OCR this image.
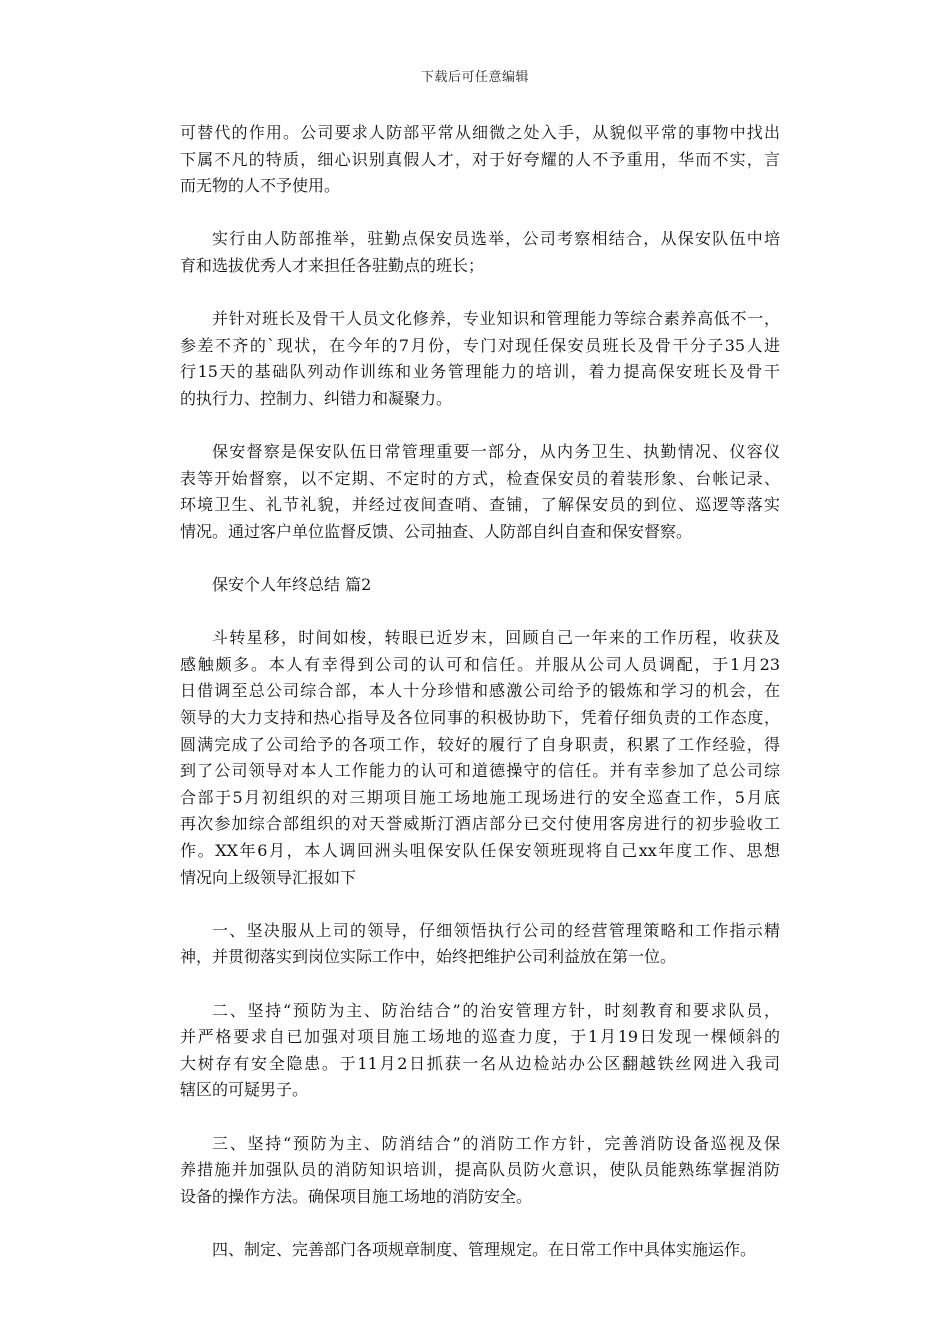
下载后可任意编辑

可替代的作用。公司要求人防部平常从细微之处入手，从貌似平常的事物中找出
下属不凡的特质，细心识别真假人才，对于好夸耀的人不予重用，华而不实，言
而无物的人不予使用。

实行由人防部推举，驻勤点保安员选举，公司考察相结合，从保安队伍中培
育和选拔优秀人才来担任各驻勤点的班长；

并针对班长及骨干人员文化修养，专业知识和管理能力等综合素养高低不一，
参差不齐的`现状，在今年的7月份，专门对现任保安员班长及骨干分子35人进
行15天的基础队列动作训练和业务管理能力的培训，着力提高保安班长及骨干
的执行力、控制力、纠错力和凝聚力。

保安督察是保安队伍日常管理重要一部分，从内务卫生、执勤情况、仪容仪
表等开始督察，以不定期、不定时的方式，检查保安员的着装形象、台帐记录、
环境卫生、礼节礼貌，并经过夜间查哨、查铺，了解保安员的到位、巡逻等落实
情况。通过客户单位监督反馈、公司抽查、人防部自纠自查和保安督察。

保安个人年终总结 篇2

斗转星移，时间如梭，转眼已近岁末，回顾自己一年来的工作历程，收获及
感触颇多。本人有幸得到公司的认可和信任。并服从公司人员调配，于1月23
日借调至总公司综合部，本人十分珍惜和感激公司给予的锻炼和学习的机会，在
领导的大力支持和热心指导及各位同事的积极协助下，凭着仔细负责的工作态度，
圆满完成了公司给予的各项工作，较好的履行了自身职责，积累了工作经验，得
到了公司领导对本人工作能力的认可和道德操守的信任。并有幸参加了总公司综
合部于5月初组织的对三期项目施工场地施工现场进行的安全巡查工作，5月底
再次参加综合部组织的对天誉威斯汀酒店部分已交付使用客房进行的初步验收工
作。XX年6月，本人调回洲头咀保安队任保安领班现将自己xx年度工作、思想
情况向上级领导汇报如下

一、坚决服从上司的领导，仔细领悟执行公司的经营管理策略和工作指示精
神，并贯彻落实到岗位实际工作中，始终把维护公司利益放在第一位。

二、坚持“预防为主、防治结合”的治安管理方针，时刻教育和要求队员，
并严格要求自已加强对项目施工场地的巡查力度，于1月19日发现一棵倾斜的
大树存有安全隐患。于11月2日抓获一名从边检站办公区翻越铁丝网进入我司
辖区的可疑男子。

三、坚持“预防为主、防消结合”的消防工作方针，完善消防设备巡视及保
养措施并加强队员的消防知识培训，提高队员防火意识，使队员能熟练掌握消防
设备的操作方法。确保项目施工场地的消防安全。

四、制定、完善部门各项规章制度、管理规定。在日常工作中具体实施运作。
